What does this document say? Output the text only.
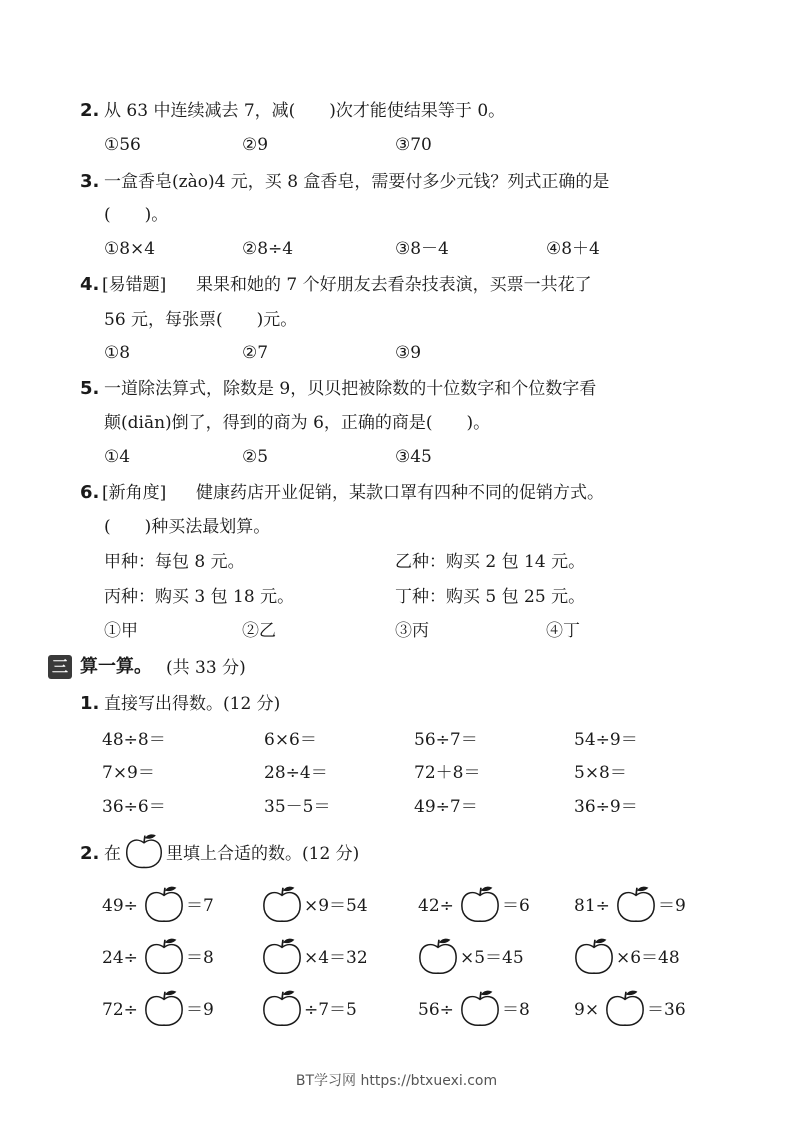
2. 从 63 中连续减去 7，减(　　)次才能使结果等于 0。
①56	②9	③70
3. 一盒香皂(zào)4 元，买 8 盒香皂，需要付多少元钱？列式正确的是
(　　)。
①8×4	②8÷4	③8－4	④8＋4
4. [易错题] 果果和她的 7 个好朋友去看杂技表演，买票一共花了
56 元，每张票(　　)元。
①8	②7	③9
5. 一道除法算式，除数是 9，贝贝把被除数的十位数字和个位数字看
颠(diān)倒了，得到的商为 6，正确的商是(　　)。
①4	②5	③45
6. [新角度] 健康药店开业促销，某款口罩有四种不同的促销方式。
(　　)种买法最划算。
甲种：每包 8 元。	乙种：购买 2 包 14 元。
丙种：购买 3 包 18 元。	丁种：购买 5 包 25 元。
①甲	②乙	③丙	④丁
三 算一算。 (共 33 分)
1. 直接写出得数。(12 分)
48÷8＝	6×6＝	56÷7＝	54÷9＝
7×9＝	28÷4＝	72＋8＝	5×8＝
36÷6＝	35－5＝	49÷7＝	36÷9＝
2. 在	里填上合适的数。(12 分)
49÷	＝7	×9＝54	42÷	＝6	81÷	＝9
24÷	＝8	×4＝32	×5＝45	×6＝48
72÷	＝9	÷7＝5	56÷	＝8	9×	＝36
BT学习网 https://btxuexi.com
